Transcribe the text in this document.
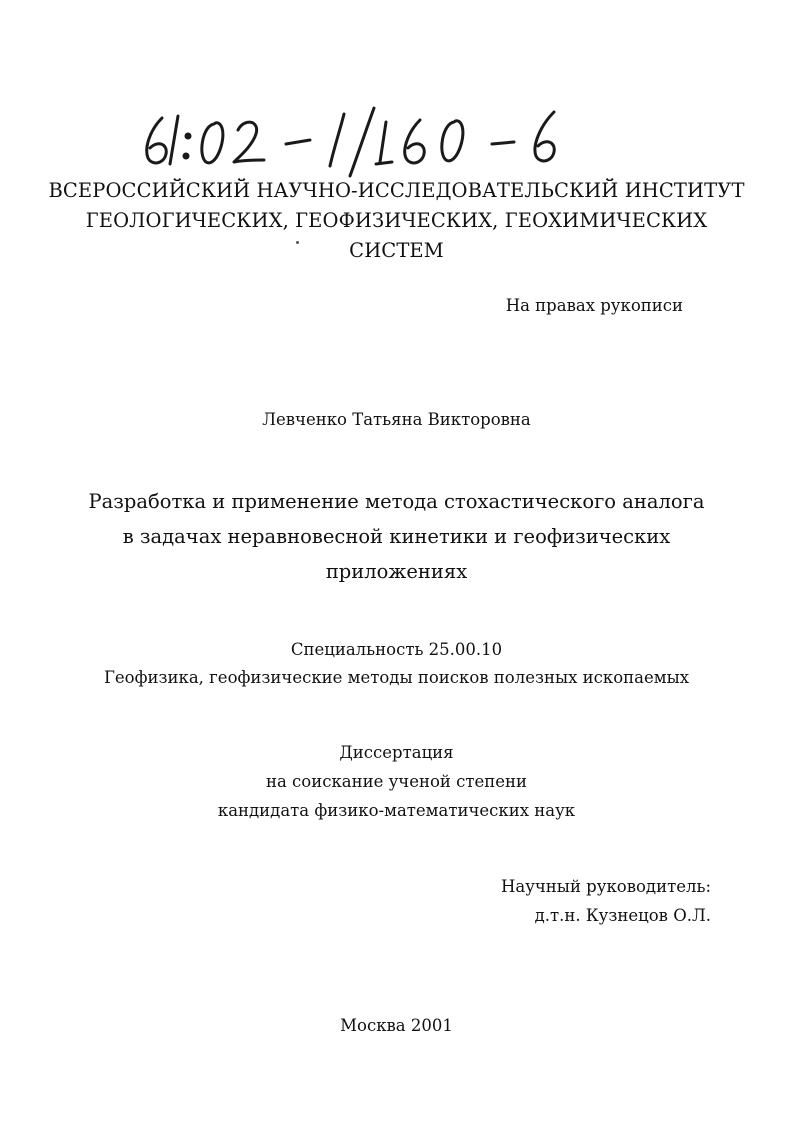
ВСЕРОССИЙСКИЙ НАУЧНО-ИССЛЕДОВАТЕЛЬСКИЙ ИНСТИТУТ
ГЕОЛОГИЧЕСКИХ, ГЕОФИЗИЧЕСКИХ, ГЕОХИМИЧЕСКИХ
СИСТЕМ
На правах рукописи
Левченко Татьяна Викторовна
Разработка и применение метода стохастического аналога
в задачах неравновесной кинетики и геофизических
приложениях
Специальность 25.00.10
Геофизика, геофизические методы поисков полезных ископаемых
Диссертация
на соискание ученой степени
кандидата физико-математических наук
Научный руководитель:
д.т.н. Кузнецов О.Л.
Москва 2001
